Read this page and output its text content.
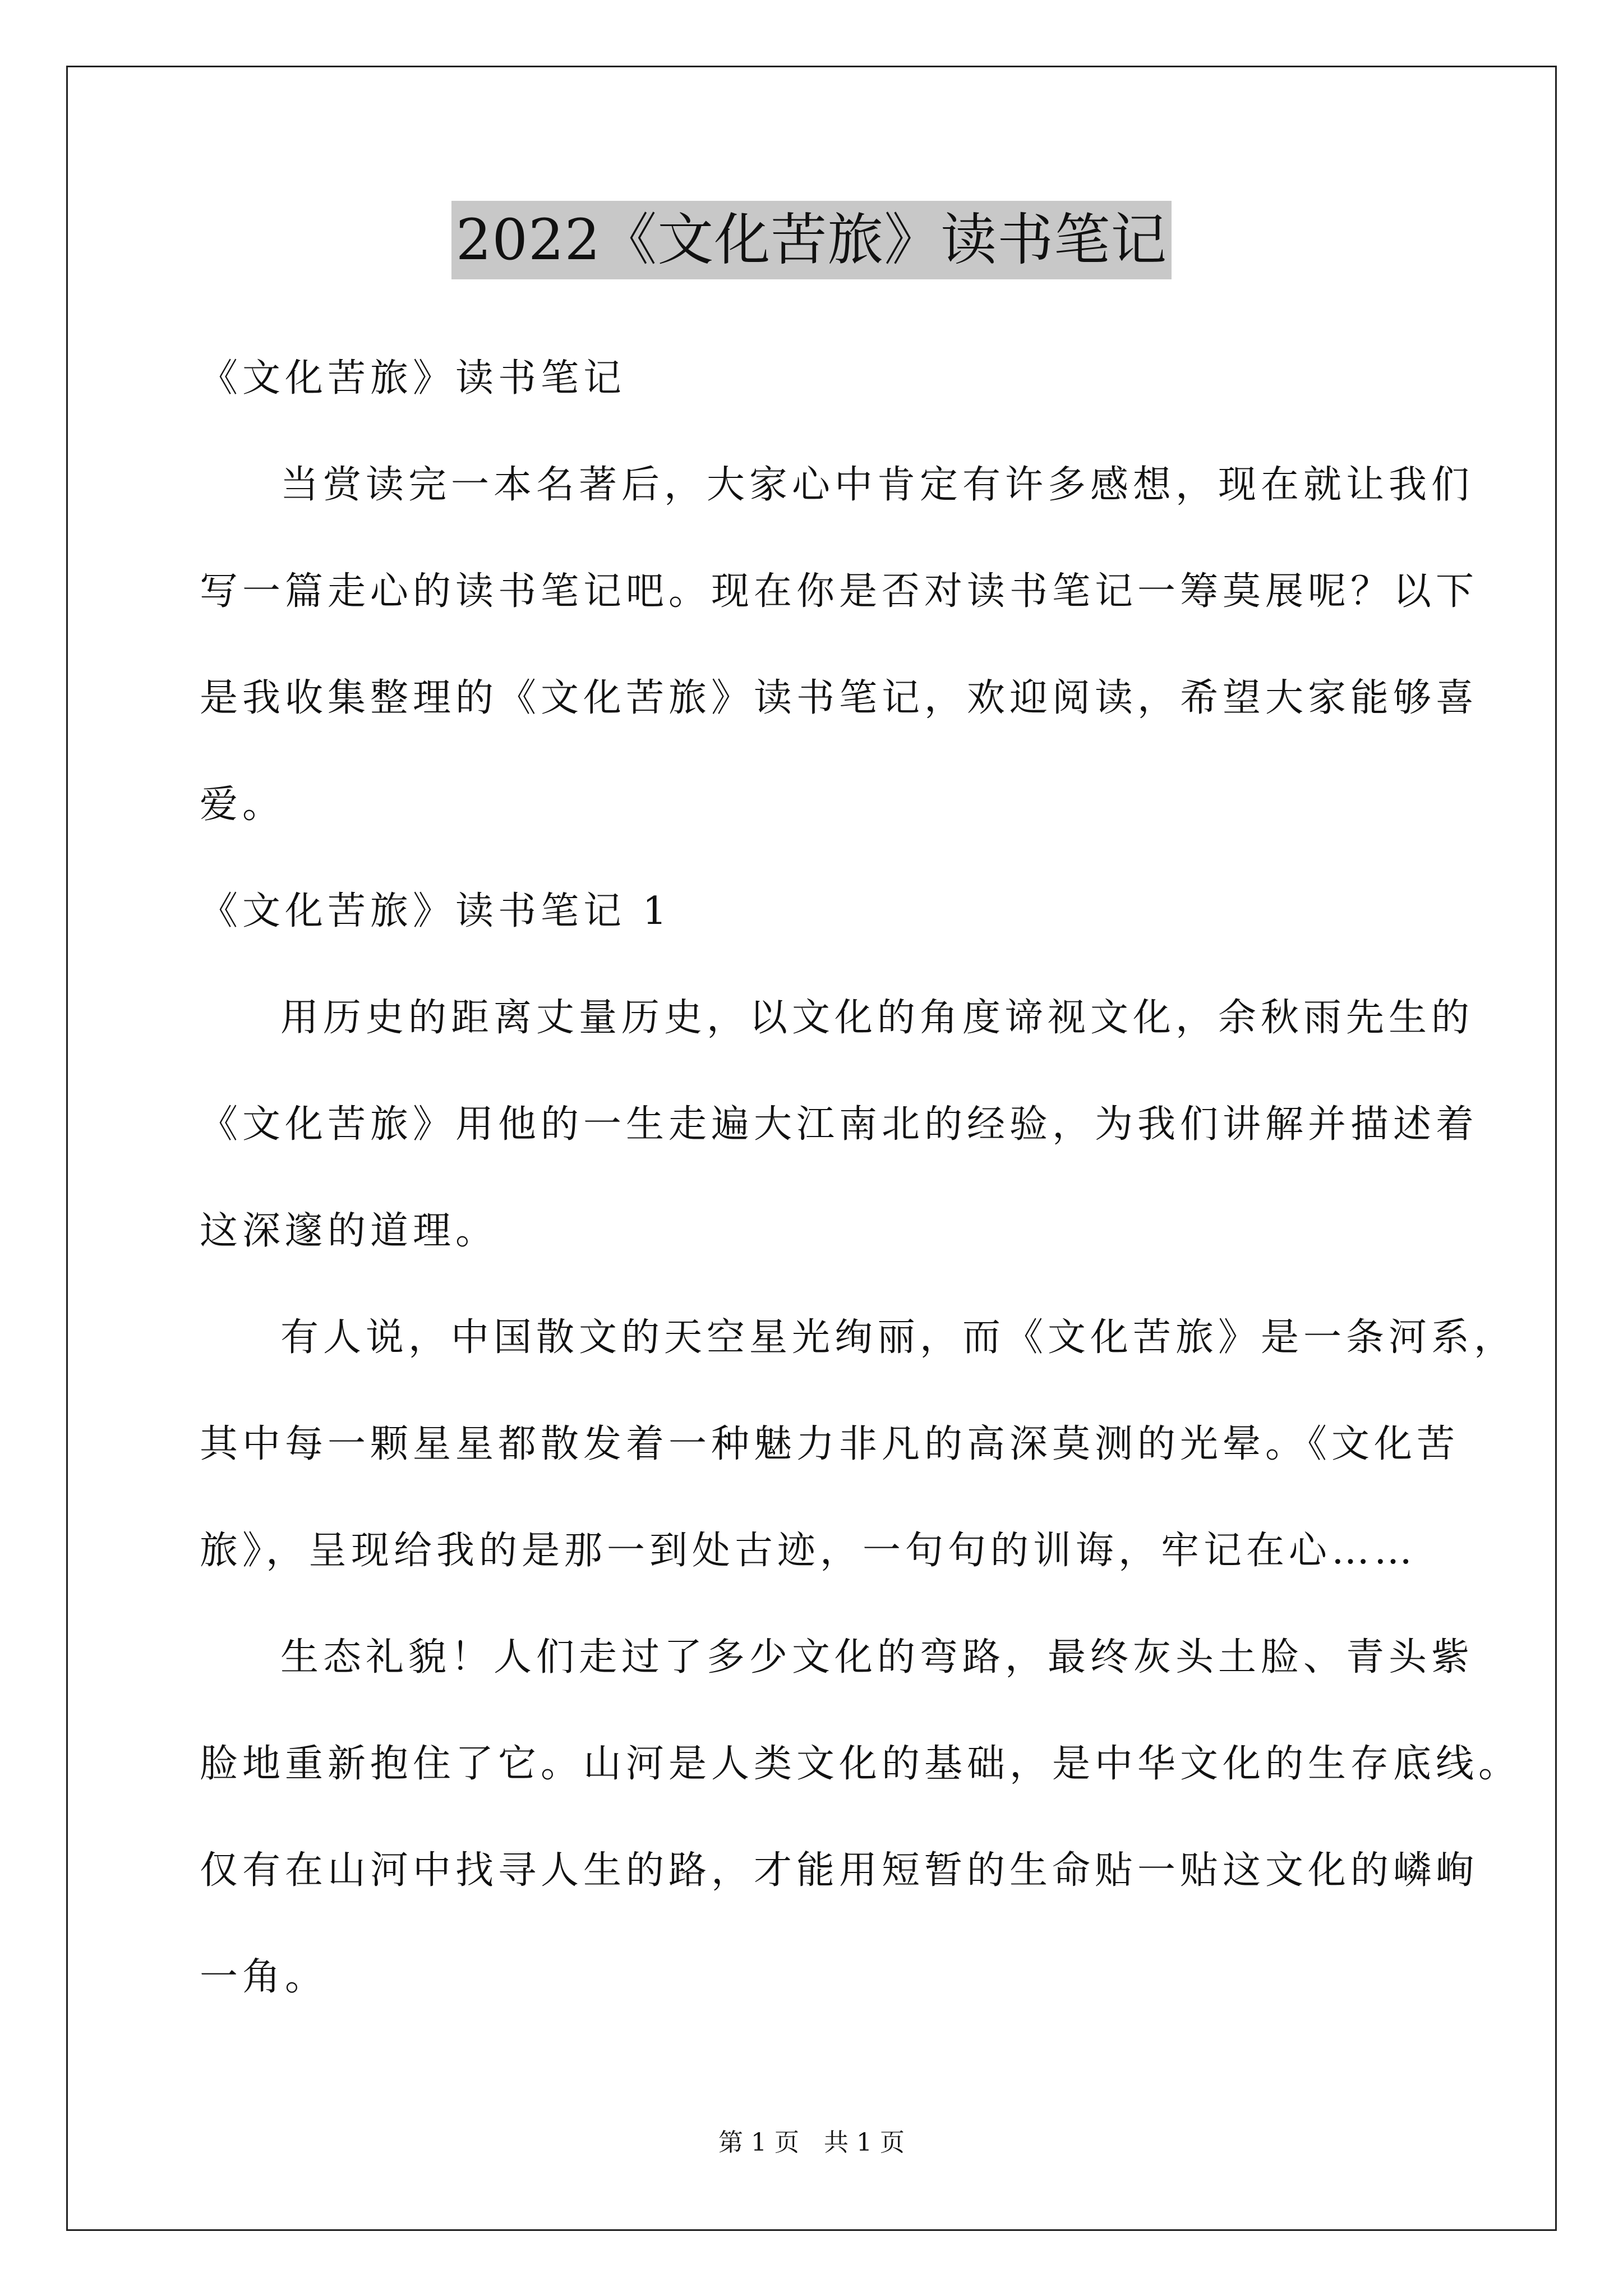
2022《文化苦旅》读书笔记
《文化苦旅》读书笔记
当赏读完一本名著后，大家心中肯定有许多感想，现在就让我们
写一篇走心的读书笔记吧。现在你是否对读书笔记一筹莫展呢？以下
是我收集整理的《文化苦旅》读书笔记，欢迎阅读，希望大家能够喜
爱。
《文化苦旅》读书笔记 1
用历史的距离丈量历史，以文化的角度谛视文化，余秋雨先生的
《文化苦旅》用他的一生走遍大江南北的经验，为我们讲解并描述着
这深邃的道理。
有人说，中国散文的天空星光绚丽，而《文化苦旅》是一条河系，
其中每一颗星星都散发着一种魅力非凡的高深莫测的光晕。《文化苦
旅》，呈现给我的是那一到处古迹，一句句的训诲，牢记在心……
生态礼貌！人们走过了多少文化的弯路，最终灰头土脸、青头紫
脸地重新抱住了它。山河是人类文化的基础，是中华文化的生存底线。
仅有在山河中找寻人生的路，才能用短暂的生命贴一贴这文化的嶙峋
一角。
第 1 页　共 1 页
